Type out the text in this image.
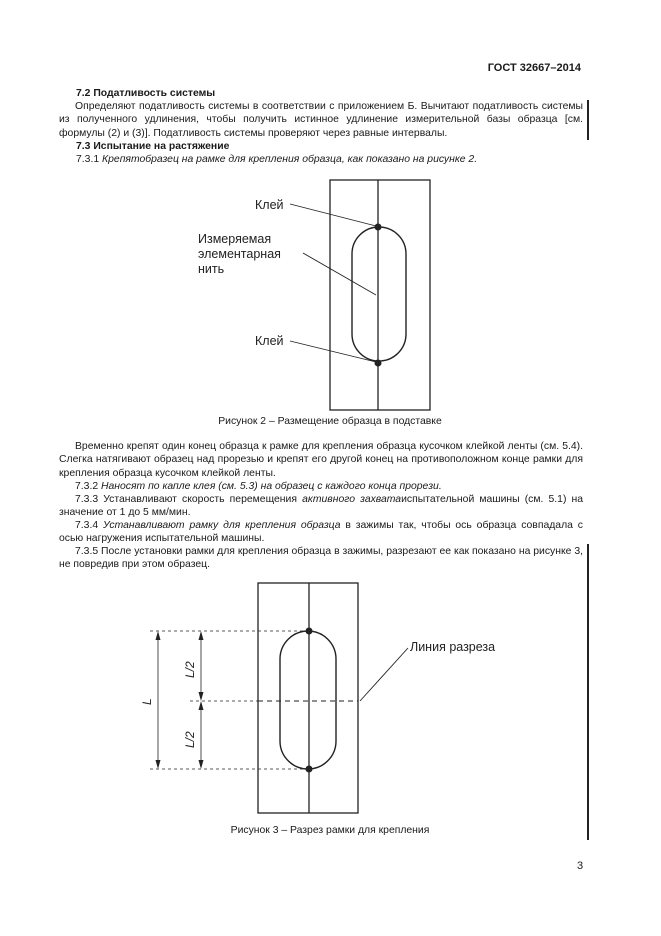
ГОСТ 32667–2014
7.2 Податливость системы
Определяют податливость системы в соответствии с приложением Б. Вычитают податливость системы из полученного удлинения, чтобы получить истинное удлинение измерительной базы образца [см. формулы (2) и (3)]. Податливость системы проверяют через равные интервалы.
7.3 Испытание на растяжение
7.3.1 Крепятобразец на рамке для крепления образца, как показано на рисунке 2.
Клей
Измеряемая
элементарная
нить
Клей
Рисунок 2 – Размещение образца в подставке
Временно крепят один конец образца к рамке для крепления образца кусочком клейкой ленты (см. 5.4). Слегка натягивают образец над прорезью и крепят его другой конец на противоположном конце рамки для крепления образца кусочком клейкой ленты.
7.3.2 Наносят по капле клея (см. 5.3) на образец с каждого конца прорези.
7.3.3 Устанавливают скорость перемещения активного захватаиспытательной машины (см. 5.1) на значение от 1 до 5 мм/мин.
7.3.4 Устанавливают рамку для крепления образца в зажимы так, чтобы ось образца совпадала с осью нагружения испытательной машины.
7.3.5 После установки рамки для крепления образца в зажимы, разрезают ее как показано на рисунке 3, не повредив при этом образец.
L
L/2
L/2
Линия разреза
Рисунок 3 – Разрез рамки для крепления
3
